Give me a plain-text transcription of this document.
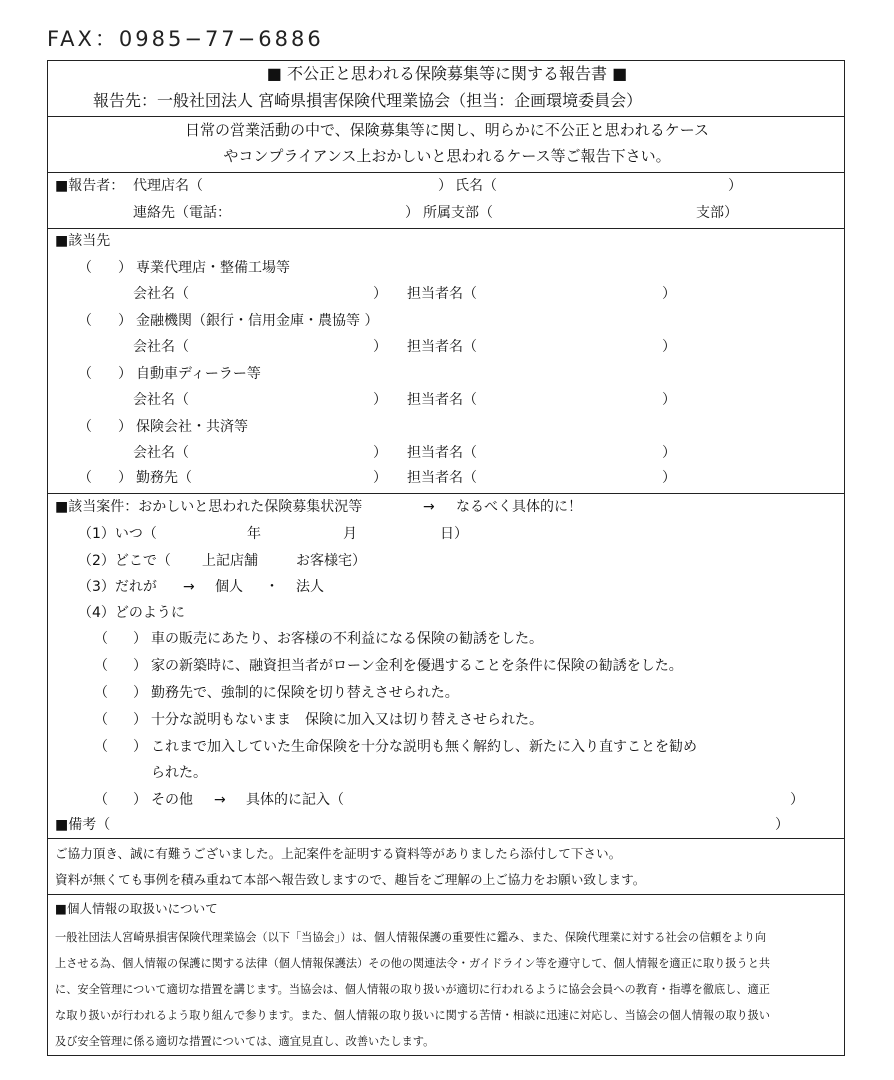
FAX：0985−77−6886
■ 不公正と思われる保険募集等に関する報告書 ■
報告先：一般社団法人 宮崎県損害保険代理業協会（担当：企画環境委員会）
日常の営業活動の中で、保険募集等に関し、明らかに不公正と思われるケース
やコンプライアンス上おかしいと思われるケース等ご報告下さい。
■報告者： 代理店名（	） 氏名（	）
連絡先（電話：	） 所属支部（	支部）
■該当先
（ ） 専業代理店・整備工場等
会社名（	） 担当者名（	）
（ ） 金融機関（銀行・信用金庫・農協等 ）
会社名（	） 担当者名（	）
（ ） 自動車ディーラー等
会社名（	） 担当者名（	）
（ ） 保険会社・共済等
会社名（	） 担当者名（	）
（ ） 勤務先（	） 担当者名（	）
■該当案件：おかしいと思われた保険募集状況等	→ なるべく具体的に！
（1）いつ（	年	月	日）
（2）どこで（ 上記店舗	お客様宅）
（3）だれが → 個人 ・ 法人
（4）どのように
（ ） 車の販売にあたり、お客様の不利益になる保険の勧誘をした。
（ ） 家の新築時に、融資担当者がローン金利を優遇することを条件に保険の勧誘をした。
（ ） 勤務先で、強制的に保険を切り替えさせられた。
（ ） 十分な説明もないまま　保険に加入又は切り替えさせられた。
（ ） これまで加入していた生命保険を十分な説明も無く解約し、新たに入り直すことを勧め
られた。
（ ） その他 → 具体的に記入（	）
■備考（	）
ご協力頂き、誠に有難うございました。上記案件を証明する資料等がありましたら添付して下さい。
資料が無くても事例を積み重ねて本部へ報告致しますので、趣旨をご理解の上ご協力をお願い致します。
■個人情報の取扱いについて
一般社団法人宮崎県損害保険代理業協会（以下「当協会」）は、個人情報保護の重要性に鑑み、また、保険代理業に対する社会の信頼をより向
上させる為、個人情報の保護に関する法律（個人情報保護法）その他の関連法令・ガイドライン等を遵守して、個人情報を適正に取り扱うと共
に、安全管理について適切な措置を講じます。当協会は、個人情報の取り扱いが適切に行われるように協会会員への教育・指導を徹底し、適正
な取り扱いが行われるよう取り組んで参ります。また、個人情報の取り扱いに関する苦情・相談に迅速に対応し、当協会の個人情報の取り扱い
及び安全管理に係る適切な措置については、適宜見直し、改善いたします。
